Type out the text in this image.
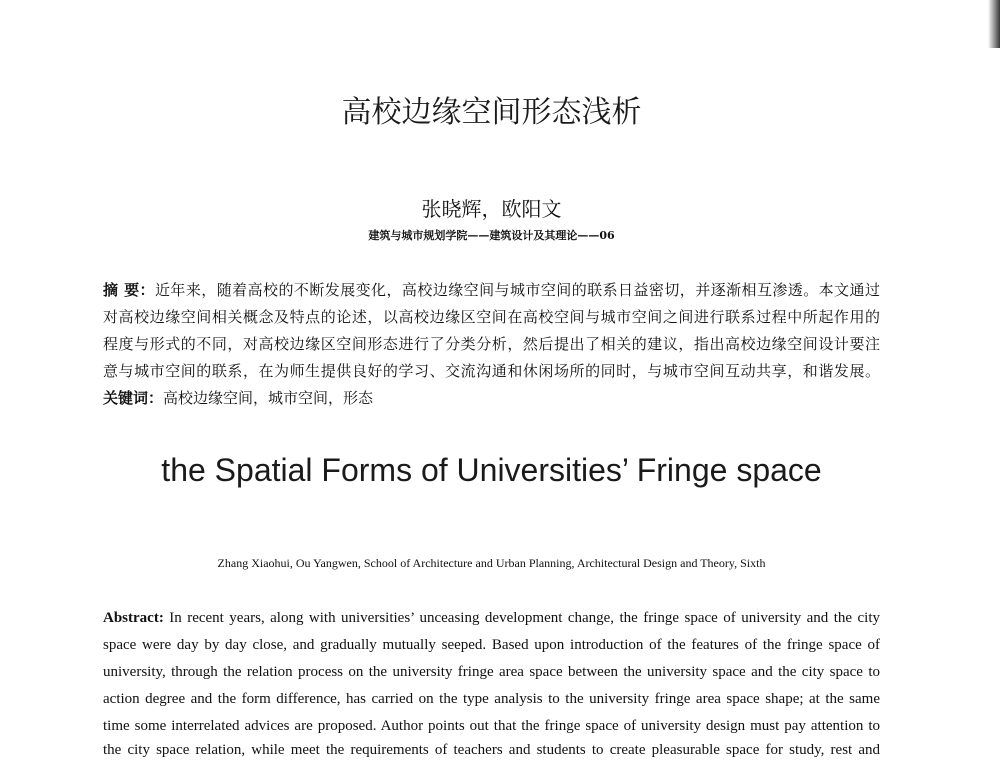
高校边缘空间形态浅析
张晓辉，欧阳文
建筑与城市规划学院——建筑设计及其理论——06
摘 要：近年来，随着高校的不断发展变化，高校边缘空间与城市空间的联系日益密切，并逐渐相互渗透。本文通过
对高校边缘空间相关概念及特点的论述，以高校边缘区空间在高校空间与城市空间之间进行联系过程中所起作用的
程度与形式的不同，对高校边缘区空间形态进行了分类分析，然后提出了相关的建议，指出高校边缘空间设计要注
意与城市空间的联系，在为师生提供良好的学习、交流沟通和休闲场所的同时，与城市空间互动共享，和谐发展。
关键词：高校边缘空间，城市空间，形态
the Spatial Forms of Universities’ Fringe space
Zhang Xiaohui, Ou Yangwen, School of Architecture and Urban Planning, Architectural Design and Theory, Sixth
Abstract: In recent years, along with universities’ unceasing development change, the fringe space of university and the city
space were day by day close, and gradually mutually seeped. Based upon introduction of the features of the fringe space of
university, through the relation process on the university fringe area space between the university space and the city space to
action degree and the form difference, has carried on the type analysis to the university fringe area space shape; at the same
time some interrelated advices are proposed. Author points out that the fringe space of university design must pay attention to
the city space relation, while meet the requirements of teachers and students to create pleasurable space for study, rest and
